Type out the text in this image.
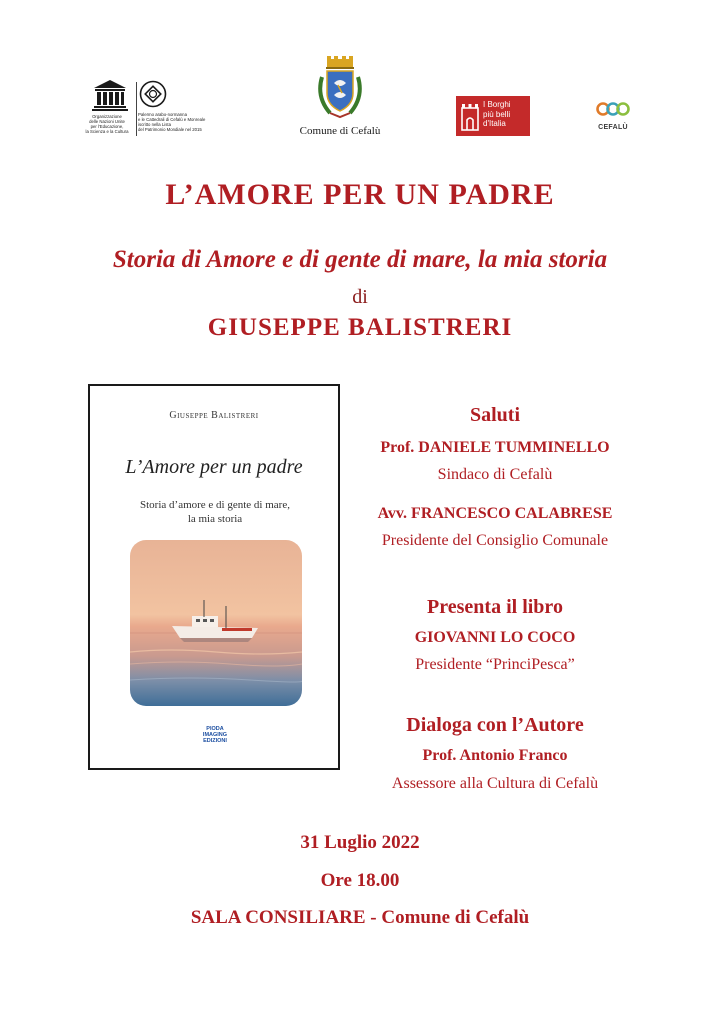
Organizzazione
delle Nazioni Unite
per l'Educazione,
la Scienza e la Cultura
Palermo arabo-normanna
e le Cattedrali di Cefalù e Monreale
iscritto nella Lista
del Patrimonio Mondiale nel 2015	Comune di Cefalù
I Borghi
più belli
d'Italia	CEFALÙ
L’AMORE PER UN PADRE
Storia di Amore e di gente di mare, la mia storia
di
GIUSEPPE BALISTRERI
Giuseppe Balistreri
L’Amore per un padre
Storia d’amore e di gente di mare,
la mia storia
PIODA
IMAGING
EDIZIONI
Saluti
Prof. DANIELE TUMMINELLO
Sindaco di Cefalù
Avv. FRANCESCO CALABRESE
Presidente del Consiglio Comunale
Presenta il libro
GIOVANNI LO COCO
Presidente “PrinciPesca”
Dialoga con l’Autore
Prof. Antonio Franco
Assessore alla Cultura di Cefalù
31 Luglio 2022
Ore 18.00
SALA CONSILIARE - Comune di Cefalù
